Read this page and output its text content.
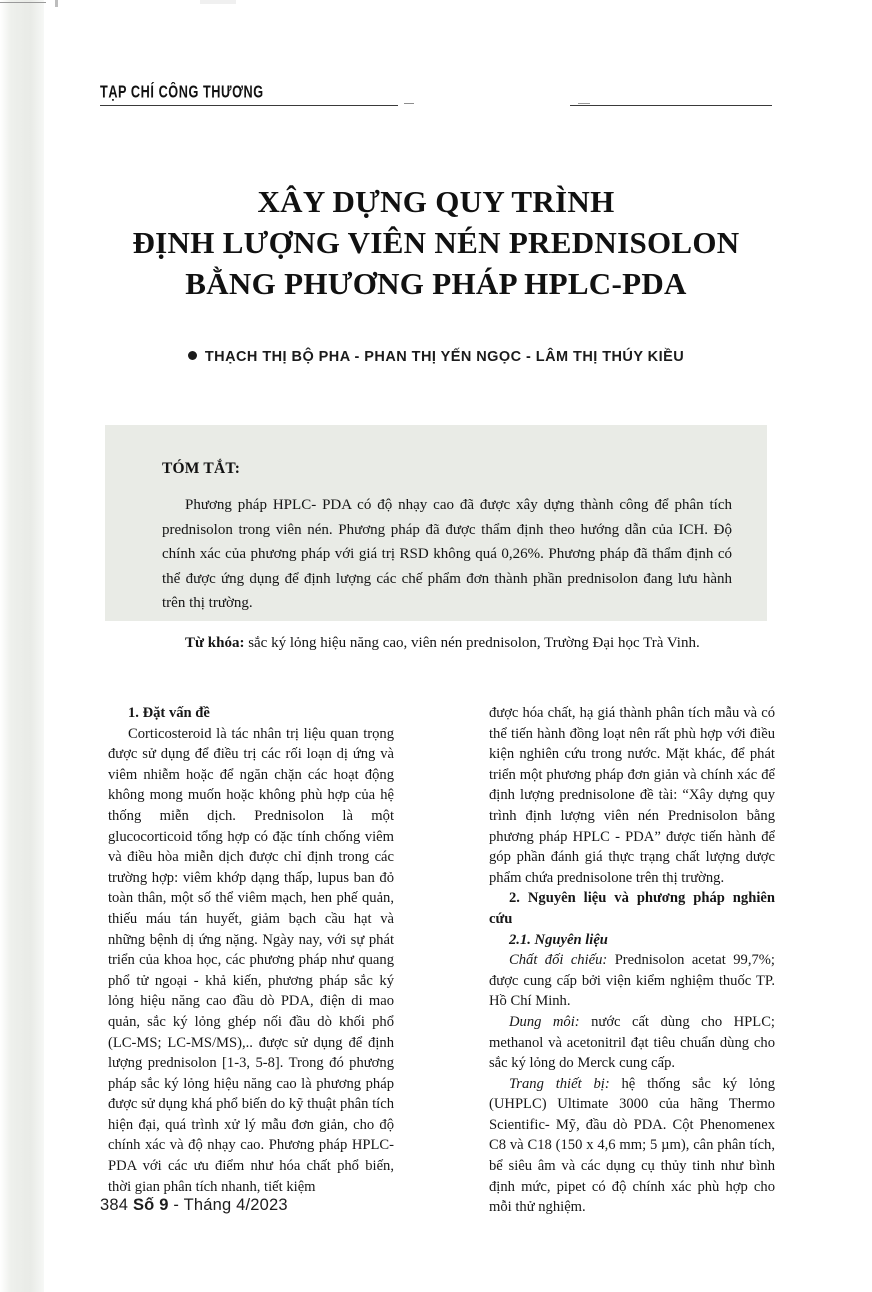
TẠP CHÍ CÔNG THƯƠNG
XÂY DỰNG QUY TRÌNH
ĐỊNH LƯỢNG VIÊN NÉN PREDNISOLON
BẰNG PHƯƠNG PHÁP HPLC-PDA
THẠCH THỊ BỘ PHA - PHAN THỊ YẾN NGỌC - LÂM THỊ THÚY KIỀU
TÓM TẮT:

Phương pháp HPLC- PDA có độ nhạy cao đã được xây dựng thành công để phân tích prednisolon trong viên nén. Phương pháp đã được thẩm định theo hướng dẫn của ICH. Độ chính xác của phương pháp với giá trị RSD không quá 0,26%. Phương pháp đã thẩm định có thể được ứng dụng để định lượng các chế phẩm đơn thành phần prednisolon đang lưu hành trên thị trường.

Từ khóa: sắc ký lỏng hiệu năng cao, viên nén prednisolon, Trường Đại học Trà Vinh.

1. Đặt vấn đề

Corticosteroid là tác nhân trị liệu quan trọng được sử dụng để điều trị các rối loạn dị ứng và viêm nhiễm hoặc để ngăn chặn các hoạt động không mong muốn hoặc không phù hợp của hệ thống miễn dịch. Prednisolon là một glucocorticoid tổng hợp có đặc tính chống viêm và điều hòa miễn dịch được chỉ định trong các trường hợp: viêm khớp dạng thấp, lupus ban đỏ toàn thân, một số thể viêm mạch, hen phế quản, thiếu máu tán huyết, giảm bạch cầu hạt và những bệnh dị ứng nặng. Ngày nay, với sự phát triển của khoa học, các phương pháp như quang phổ tử ngoại - khả kiến, phương pháp sắc ký lỏng hiệu năng cao đầu dò PDA, điện di mao quản, sắc ký lỏng ghép nối đầu dò khối phổ (LC-MS; LC-MS/MS),.. được sử dụng để định lượng prednisolon [1-3, 5-8]. Trong đó phương pháp sắc ký lỏng hiệu năng cao là phương pháp được sử dụng khá phổ biến do kỹ thuật phân tích hiện đại, quá trình xử lý mẫu đơn giản, cho độ chính xác và độ nhạy cao. Phương pháp HPLC-PDA với các ưu điểm như hóa chất phổ biến, thời gian phân tích nhanh, tiết kiệm

được hóa chất, hạ giá thành phân tích mẫu và có thể tiến hành đồng loạt nên rất phù hợp với điều kiện nghiên cứu trong nước. Mặt khác, để phát triển một phương pháp đơn giản và chính xác để định lượng prednisolone đề tài: “Xây dựng quy trình định lượng viên nén Prednisolon bằng phương pháp HPLC - PDA” được tiến hành để góp phần đánh giá thực trạng chất lượng dược phẩm chứa prednisolone trên thị trường.

2. Nguyên liệu và phương pháp nghiên cứu

2.1. Nguyên liệu

Chất đối chiếu: Prednisolon acetat 99,7%; được cung cấp bởi viện kiểm nghiệm thuốc TP. Hồ Chí Minh.

Dung môi: nước cất dùng cho HPLC; methanol và acetonitril đạt tiêu chuẩn dùng cho sắc ký lỏng do Merck cung cấp.

Trang thiết bị: hệ thống sắc ký lỏng (UHPLC) Ultimate 3000 của hãng Thermo Scientific- Mỹ, đầu dò PDA. Cột Phenomenex C8 và C18 (150 x 4,6 mm; 5 µm), cân phân tích, bể siêu âm và các dụng cụ thủy tinh như bình định mức, pipet có độ chính xác phù hợp cho mỗi thử nghiệm.

384 Số 9 - Tháng 4/2023
